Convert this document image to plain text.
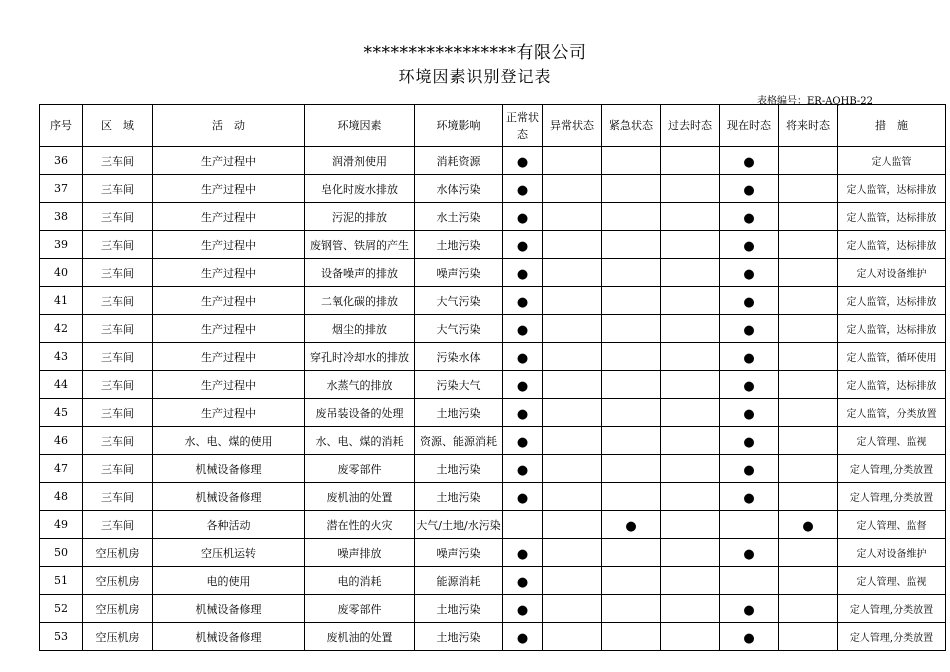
*****************有限公司
环境因素识别登记表
表格编号：ER-AQHB-22
序号	区　域	活　动	环境因素	环境影响	正常状态	异常状态	紧急状态	过去时态	现在时态	将来时态	措　施
36	三车间	生产过程中	润滑剂使用	消耗资源	●				●		定人监管
37	三车间	生产过程中	皂化时废水排放	水体污染	●				●		定人监管，达标排放
38	三车间	生产过程中	污泥的排放	水土污染	●				●		定人监管，达标排放
39	三车间	生产过程中	废钢管、铁屑的产生	土地污染	●				●		定人监管，达标排放
40	三车间	生产过程中	设备噪声的排放	噪声污染	●				●		定人对设备维护
41	三车间	生产过程中	二氧化碳的排放	大气污染	●				●		定人监管，达标排放
42	三车间	生产过程中	烟尘的排放	大气污染	●				●		定人监管，达标排放
43	三车间	生产过程中	穿孔时冷却水的排放	污染水体	●				●		定人监管，循环使用
44	三车间	生产过程中	水蒸气的排放	污染大气	●				●		定人监管，达标排放
45	三车间	生产过程中	废吊装设备的处理	土地污染	●				●		定人监管，分类放置
46	三车间	水、电、煤的使用	水、电、煤的消耗	资源、能源消耗	●				●		定人管理、监视
47	三车间	机械设备修理	废零部件	土地污染	●				●		定人管理,分类放置
48	三车间	机械设备修理	废机油的处置	土地污染	●				●		定人管理,分类放置
49	三车间	各种活动	潜在性的火灾	大气/土地/水污染			●			●	定人管理、监督
50	空压机房	空压机运转	噪声排放	噪声污染	●				●		定人对设备维护
51	空压机房	电的使用	电的消耗	能源消耗	●						定人管理、监视
52	空压机房	机械设备修理	废零部件	土地污染	●				●		定人管理,分类放置
53	空压机房	机械设备修理	废机油的处置	土地污染	●				●		定人管理,分类放置
